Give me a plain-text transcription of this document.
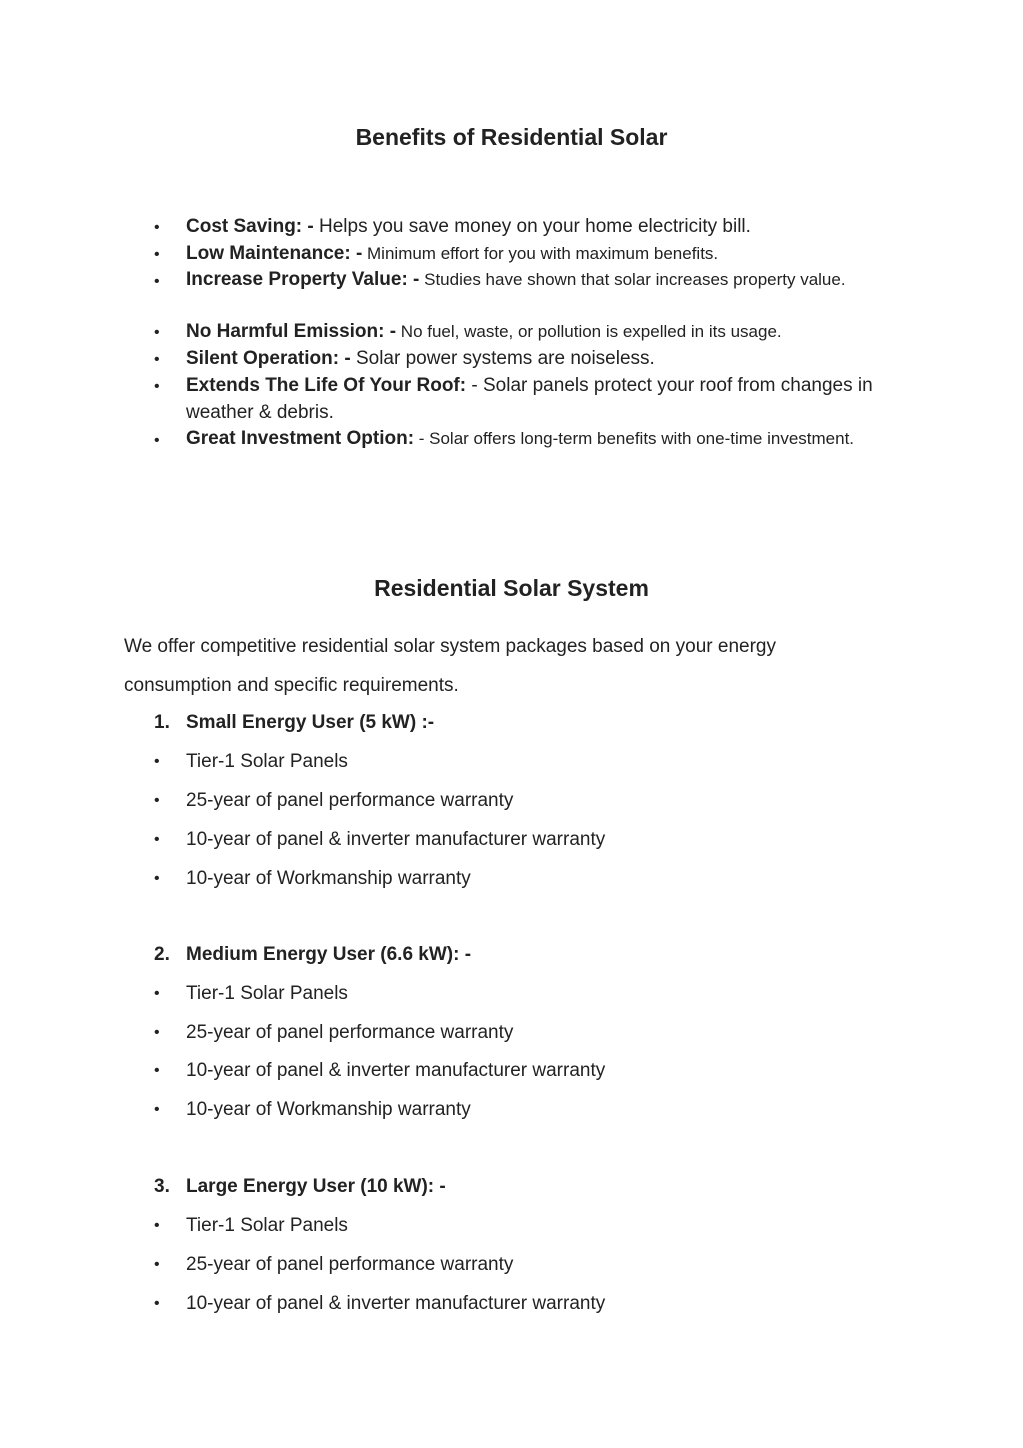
Benefits of Residential Solar
• Cost Saving: - Helps you save money on your home electricity bill.
• Low Maintenance: - Minimum effort for you with maximum benefits.
• Increase Property Value: - Studies have shown that solar increases property value.
• No Harmful Emission: - No fuel, waste, or pollution is expelled in its usage.
• Silent Operation: - Solar power systems are noiseless.
• Extends The Life Of Your Roof: - Solar panels protect your roof from changes in weather & debris.
• Great Investment Option: - Solar offers long-term benefits with one-time investment.
Residential Solar System
We offer competitive residential solar system packages based on your energy consumption and specific requirements.
1. Small Energy User (5 kW) :-
• Tier-1 Solar Panels
• 25-year of panel performance warranty
• 10-year of panel & inverter manufacturer warranty
• 10-year of Workmanship warranty
2. Medium Energy User (6.6 kW): -
• Tier-1 Solar Panels
• 25-year of panel performance warranty
• 10-year of panel & inverter manufacturer warranty
• 10-year of Workmanship warranty
3. Large Energy User (10 kW): -
• Tier-1 Solar Panels
• 25-year of panel performance warranty
• 10-year of panel & inverter manufacturer warranty
